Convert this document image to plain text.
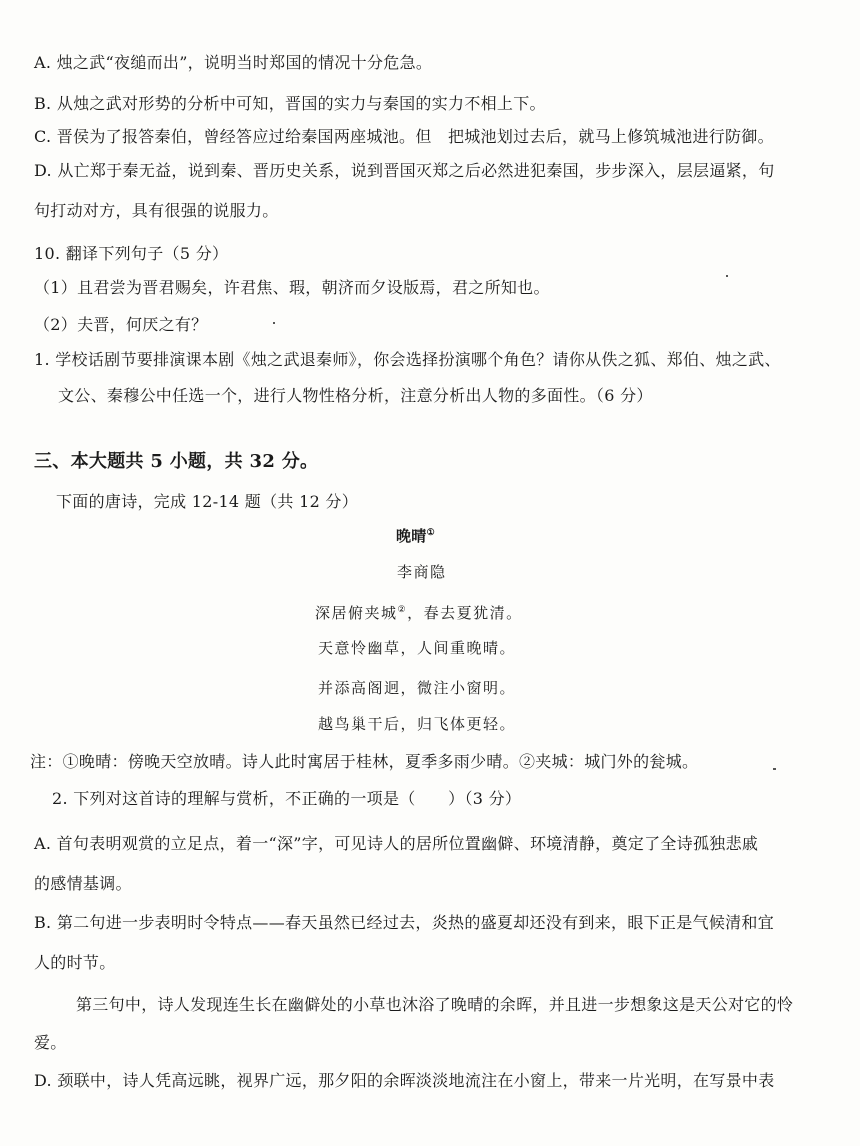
A. 烛之武“夜缒而出”，说明当时郑国的情况十分危急。
B. 从烛之武对形势的分析中可知，晋国的实力与秦国的实力不相上下。
C. 晋侯为了报答秦伯，曾经答应过给秦国两座城池。但　把城池划过去后，就马上修筑城池进行防御。
D. 从亡郑于秦无益，说到秦、晋历史关系，说到晋国灭郑之后必然进犯秦国，步步深入，层层逼紧，句
句打动对方，具有很强的说服力。
10. 翻译下列句子（5 分）
（1）且君尝为晋君赐矣，许君焦、瑕，朝济而夕设版焉，君之所知也。
（2）夫晋，何厌之有？
1. 学校话剧节要排演课本剧《烛之武退秦师》，你会选择扮演哪个角色？请你从佚之狐、郑伯、烛之武、
文公、秦穆公中任选一个，进行人物性格分析，注意分析出人物的多面性。（6 分）
三、本大题共 5 小题，共 32 分。
下面的唐诗，完成 12-14 题（共 12 分）
晚晴①
李商隐
深居俯夹城②，春去夏犹清。
天意怜幽草，人间重晚晴。
并添高阁迥，微注小窗明。
越鸟巢干后，归飞体更轻。
注：①晚晴：傍晚天空放晴。诗人此时寓居于桂林，夏季多雨少晴。②夹城：城门外的瓮城。
2. 下列对这首诗的理解与赏析，不正确的一项是（　　）（3 分）
A. 首句表明观赏的立足点，着一“深”字，可见诗人的居所位置幽僻、环境清静，奠定了全诗孤独悲戚
的感情基调。
B. 第二句进一步表明时令特点——春天虽然已经过去，炎热的盛夏却还没有到来，眼下正是气候清和宜
人的时节。
第三句中，诗人发现连生长在幽僻处的小草也沐浴了晚晴的余晖，并且进一步想象这是天公对它的怜
爱。
D. 颈联中，诗人凭高远眺，视界广远，那夕阳的余晖淡淡地流注在小窗上，带来一片光明，在写景中表
